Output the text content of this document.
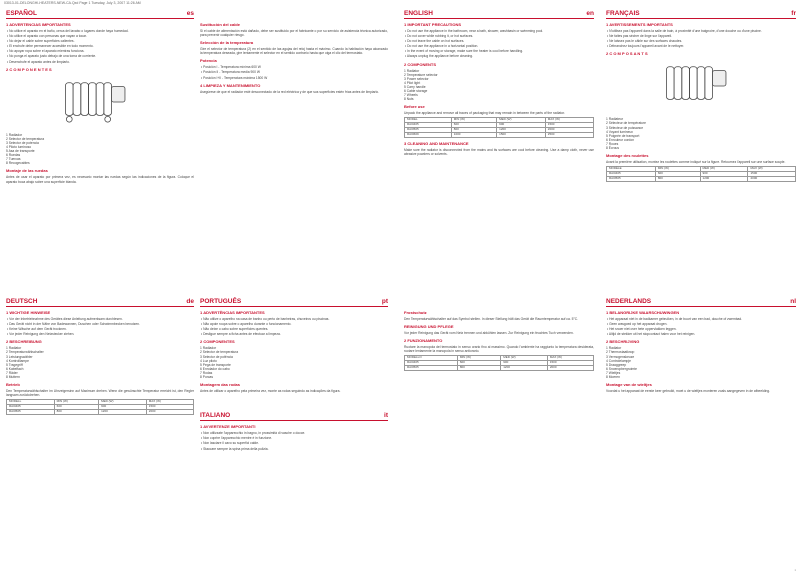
03013-01-DELONGHI-HEATERS-NEW-CA.Qxd Page 1 Tuesday, July 3, 2007 11:26 AM
ESPAÑOL	es
1 ADVERTENCIAS IMPORTANTES
• No utilice el aparato en el baño, cerca del lavabo o lugares donde haya humedad.
• No utilice el aparato con personas que vayan a tocar.
• No dejar el cable sobre superficies calientes.
• El enchufe debe permanecer accesible en todo momento.
• No apoyar ropa sobre el aparato mientras funciona.
• No ponga el aparato justo debajo de una toma de corriente.
• Desenchufe el aparato antes de limpiarlo.
2 C O M P O N E N T E S
1 Radiador
2 Selector de temperatura
3 Selector de potencia
4 Piloto luminoso
5 Asa de transporte
6 Ruedas
7 Tuercas
8 Recogecables
Montaje de las ruedas
Antes de usar el aparato por primera vez, es necesario montar las ruedas según las indicaciones de la figura. Coloque el aparato boca abajo sobre una superficie blanda.
Sustitución del cable
Si el cable de alimentación está dañado, debe ser sustituido por el fabricante o por su servicio de asistencia técnica autorizado, para prevenir cualquier riesgo.
Selección de la temperatura
Gire el selector de temperatura (2) en el sentido de las agujas del reloj hasta el máximo. Cuando la habitación haya alcanzado la temperatura deseada, gire lentamente el selector en el sentido contrario hasta que oiga el clic del termostato.
Potencia
• Posición I - Temperatura mínima 600 W
• Posición II - Temperatura media 900 W
• Posición I+II - Temperatura máxima 1500 W
4 LIMPIEZA Y MANTENIMIENTO
Asegúrese de que el radiador esté desconectado de la red eléctrica y de que sus superficies estén frías antes de limpiarlo.
ENGLISH	en
1 IMPORTANT PRECAUTIONS
• Do not use the appliance in the bathroom, near a bath, shower, washbasin or swimming pool.
• Do not cover while rubbing it, or hot surfaces.
• Do not leave the cable on hot surfaces.
• Do not use the appliance in a horizontal position.
• In the event of moving or storage, make sure the heater is cool before handling.
• Always unplug the appliance before cleaning.
2 COMPONENTS
1 Radiator
2 Temperature selector
3 Power selector
4 Pilot light
5 Carry handle
6 Cable storage
7 Wheels
8 Nuts
Before use
Unpack the appliance and remove all traces of packaging that may remain in between the parts of the radiator.
MODEL	MIN (W)	MED (W)	MAX (W)
RAI0405	600	900	1500
RAI0505	800	1200	2000
RAI0609	1000	1500	2500
3 CLEANING AND MAINTENANCE
Make sure the radiator is disconnected from the mains and its surfaces are cool before cleaning. Use a damp cloth, never use abrasive powders or solvents.
FRANÇAIS	fr
1 AVERTISSEMENTS IMPORTANTS
• N'utilisez pas l'appareil dans la salle de bain, à proximité d'une baignoire, d'une douche ou d'une piscine.
• Ne faites pas sécher de linge sur l'appareil.
• Ne laissez pas le câble sur des surfaces chaudes.
• Débranchez toujours l'appareil avant de le nettoyer.
2 C O M P O S A N T S
1 Radiateur
2 Sélecteur de température
3 Sélecteur de puissance
4 Voyant lumineux
5 Poignée de transport
6 Enrouleur cordon
7 Roues
8 Écrous
Montage des roulettes
Avant la première utilisation, montez les roulettes comme indiqué sur la figure. Retournez l'appareil sur une surface souple.
MODÈLE	MIN (W)	MED (W)	MAX (W)
RAI0405	600	900	1500
RAI0505	800	1200	2000
DEUTSCH	de
1 WICHTIGE HINWEISE
• Vor der Inbetriebnahme des Gerätes diese Anleitung aufmerksam durchlesen.
• Das Gerät nicht in der Nähe von Badewannen, Duschen oder Schwimmbecken benutzen.
• Keine Wäsche auf dem Gerät trocknen.
• Vor jeder Reinigung den Netzstecker ziehen.
2 BESCHREIBUNG
1 Radiator
2 Temperaturwählschalter
3 Leistungswähler
4 Kontrolllampe
5 Tragegriff
6 Kabelfach
7 Räder
8 Muttern
Betrieb
Den Temperaturwählschalter im Uhrzeigersinn auf Maximum drehen. Wenn die gewünschte Temperatur erreicht ist, den Regler langsam zurückdrehen.
MODELL	MIN (W)	MED (W)	MAX (W)
RAI0405	600	900	1500
RAI0505	800	1200	2000
PORTUGUÊS	pt
1 ADVERTÊNCIAS IMPORTANTES
• Não utilize o aparelho na casa de banho ou perto de banheiras, chuveiros ou piscinas.
• Não apoie roupa sobre o aparelho durante o funcionamento.
• Não deixe o cabo sobre superfícies quentes.
• Desligue sempre a ficha antes de efectuar a limpeza.
2 COMPONENTES
1 Radiador
2 Selector de temperatura
3 Selector de potência
4 Luz piloto
5 Pega de transporte
6 Enrolador do cabo
7 Rodas
8 Porcas
Montagem das rodas
Antes de utilizar o aparelho pela primeira vez, monte as rodas seguindo as indicações da figura.
ITALIANO	it
1 AVVERTENZE IMPORTANTI
• Non utilizzate l'apparecchio in bagno, in prossimità di vasche o docce.
• Non coprire l'apparecchio mentre è in funzione.
• Non lasciare il cavo su superfici calde.
• Staccare sempre la spina prima della pulizia.
Frostschutz
Den Temperaturwählschalter auf das Symbol stellen. In dieser Stellung hält das Gerät die Raumtemperatur auf ca. 5°C.
REINIGUNG UND PFLEGE
Vor jeder Reinigung das Gerät vom Netz trennen und abkühlen lassen. Zur Reinigung ein feuchtes Tuch verwenden.
2 FUNZIONAMENTO
Ruotare la manopola del termostato in senso orario fino al massimo. Quando l'ambiente ha raggiunto la temperatura desiderata, ruotare lentamente la manopola in senso antiorario.
MODELLO	MIN (W)	MED (W)	MAX (W)
RAI0405	600	900	1500
RAI0505	800	1200	2000
NEDERLANDS	nl
1 BELANGRIJKE WAARSCHUWINGEN
• Het apparaat niet in de badkamer gebruiken, in de buurt van een bad, douche of zwembad.
• Geen wasgoed op het apparaat drogen.
• Het snoer niet over hete oppervlakken leggen.
• Altijd de stekker uit het stopcontact halen voor het reinigen.
2 BESCHRIJVING
1 Radiator
2 Thermostaatknop
3 Vermogenskeuze
4 Controlelampje
5 Draaggreep
6 Snoeropbergruimte
7 Wieltjes
8 Moeren
Montage van de wieltjes
Voordat u het apparaat de eerste keer gebruikt, moet u de wieltjes monteren zoals aangegeven in de afbeelding.
1
